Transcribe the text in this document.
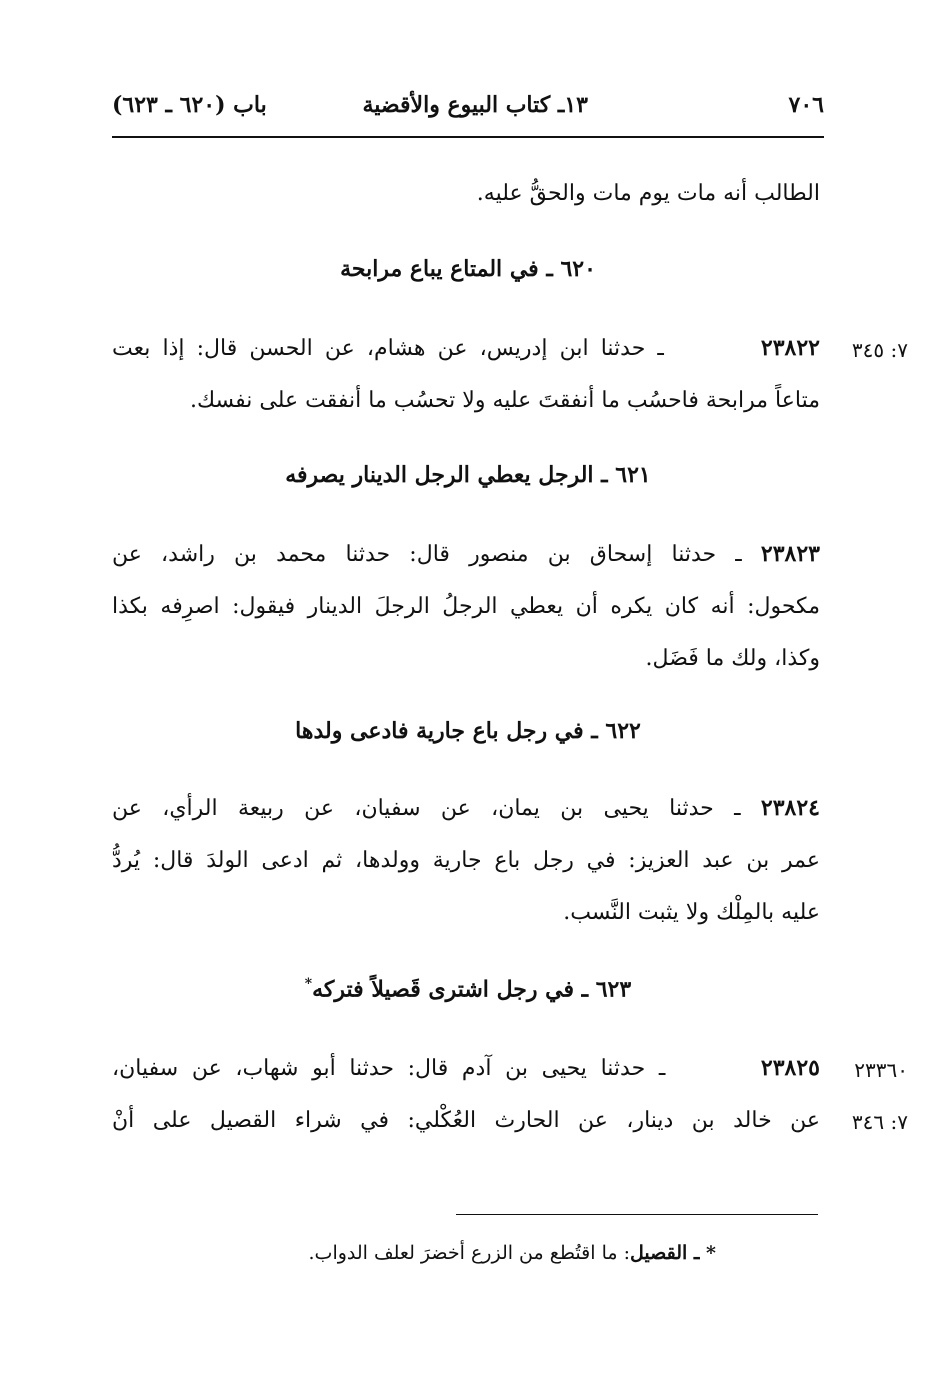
٧٠٦
١٣ـ كتاب البيوع والأقضية
باب (٦٢٠ ـ ٦٢٣)
الطالب أنه مات يوم مات والحقُّ عليه.
٦٢٠ ـ في المتاع يباع مرابحة
٧: ٣٤٥
٢٣٨٢٢        ـ حدثنا ابن إدريس، عن هشام، عن الحسن قال: إذا بعت
متاعاً مرابحة فاحسُب ما أنفقتَ عليه ولا تحسُب ما أنفقت على نفسك.
٦٢١ ـ الرجل يعطي الرجل الدينار يصرفه
٢٣٨٢٣ ـ حدثنا إسحاق بن منصور قال: حدثنا محمد بن راشد، عن
مكحول: أنه كان يكره أن يعطي الرجلُ الرجلَ الدينار فيقول: اصرِفه بكذا
وكذا، ولك ما فَضَل.
٦٢٢ ـ في رجل باع جارية فادعى ولدها
٢٣٨٢٤ ـ حدثنا يحيى بن يمان، عن سفيان، عن ربيعة الرأي، عن
عمر بن عبد العزيز: في رجل باع جارية وولدها، ثم ادعى الولدَ قال: يُردُّ
عليه بالمِلْك ولا يثبت النَّسب.
٦٢٣ ـ في رجل اشترى قَصيلاً فتركه*
٢٣٣٦٠
٧: ٣٤٦
٢٣٨٢٥       ـ حدثنا يحيى بن آدم قال: حدثنا أبو شهاب، عن سفيان،
عن خالد بن دينار، عن الحارث العُكْلي: في شراء القصيل على أنْ
* ـ القصيل: ما اقتُطع من الزرع أخضرَ لعلف الدواب.
